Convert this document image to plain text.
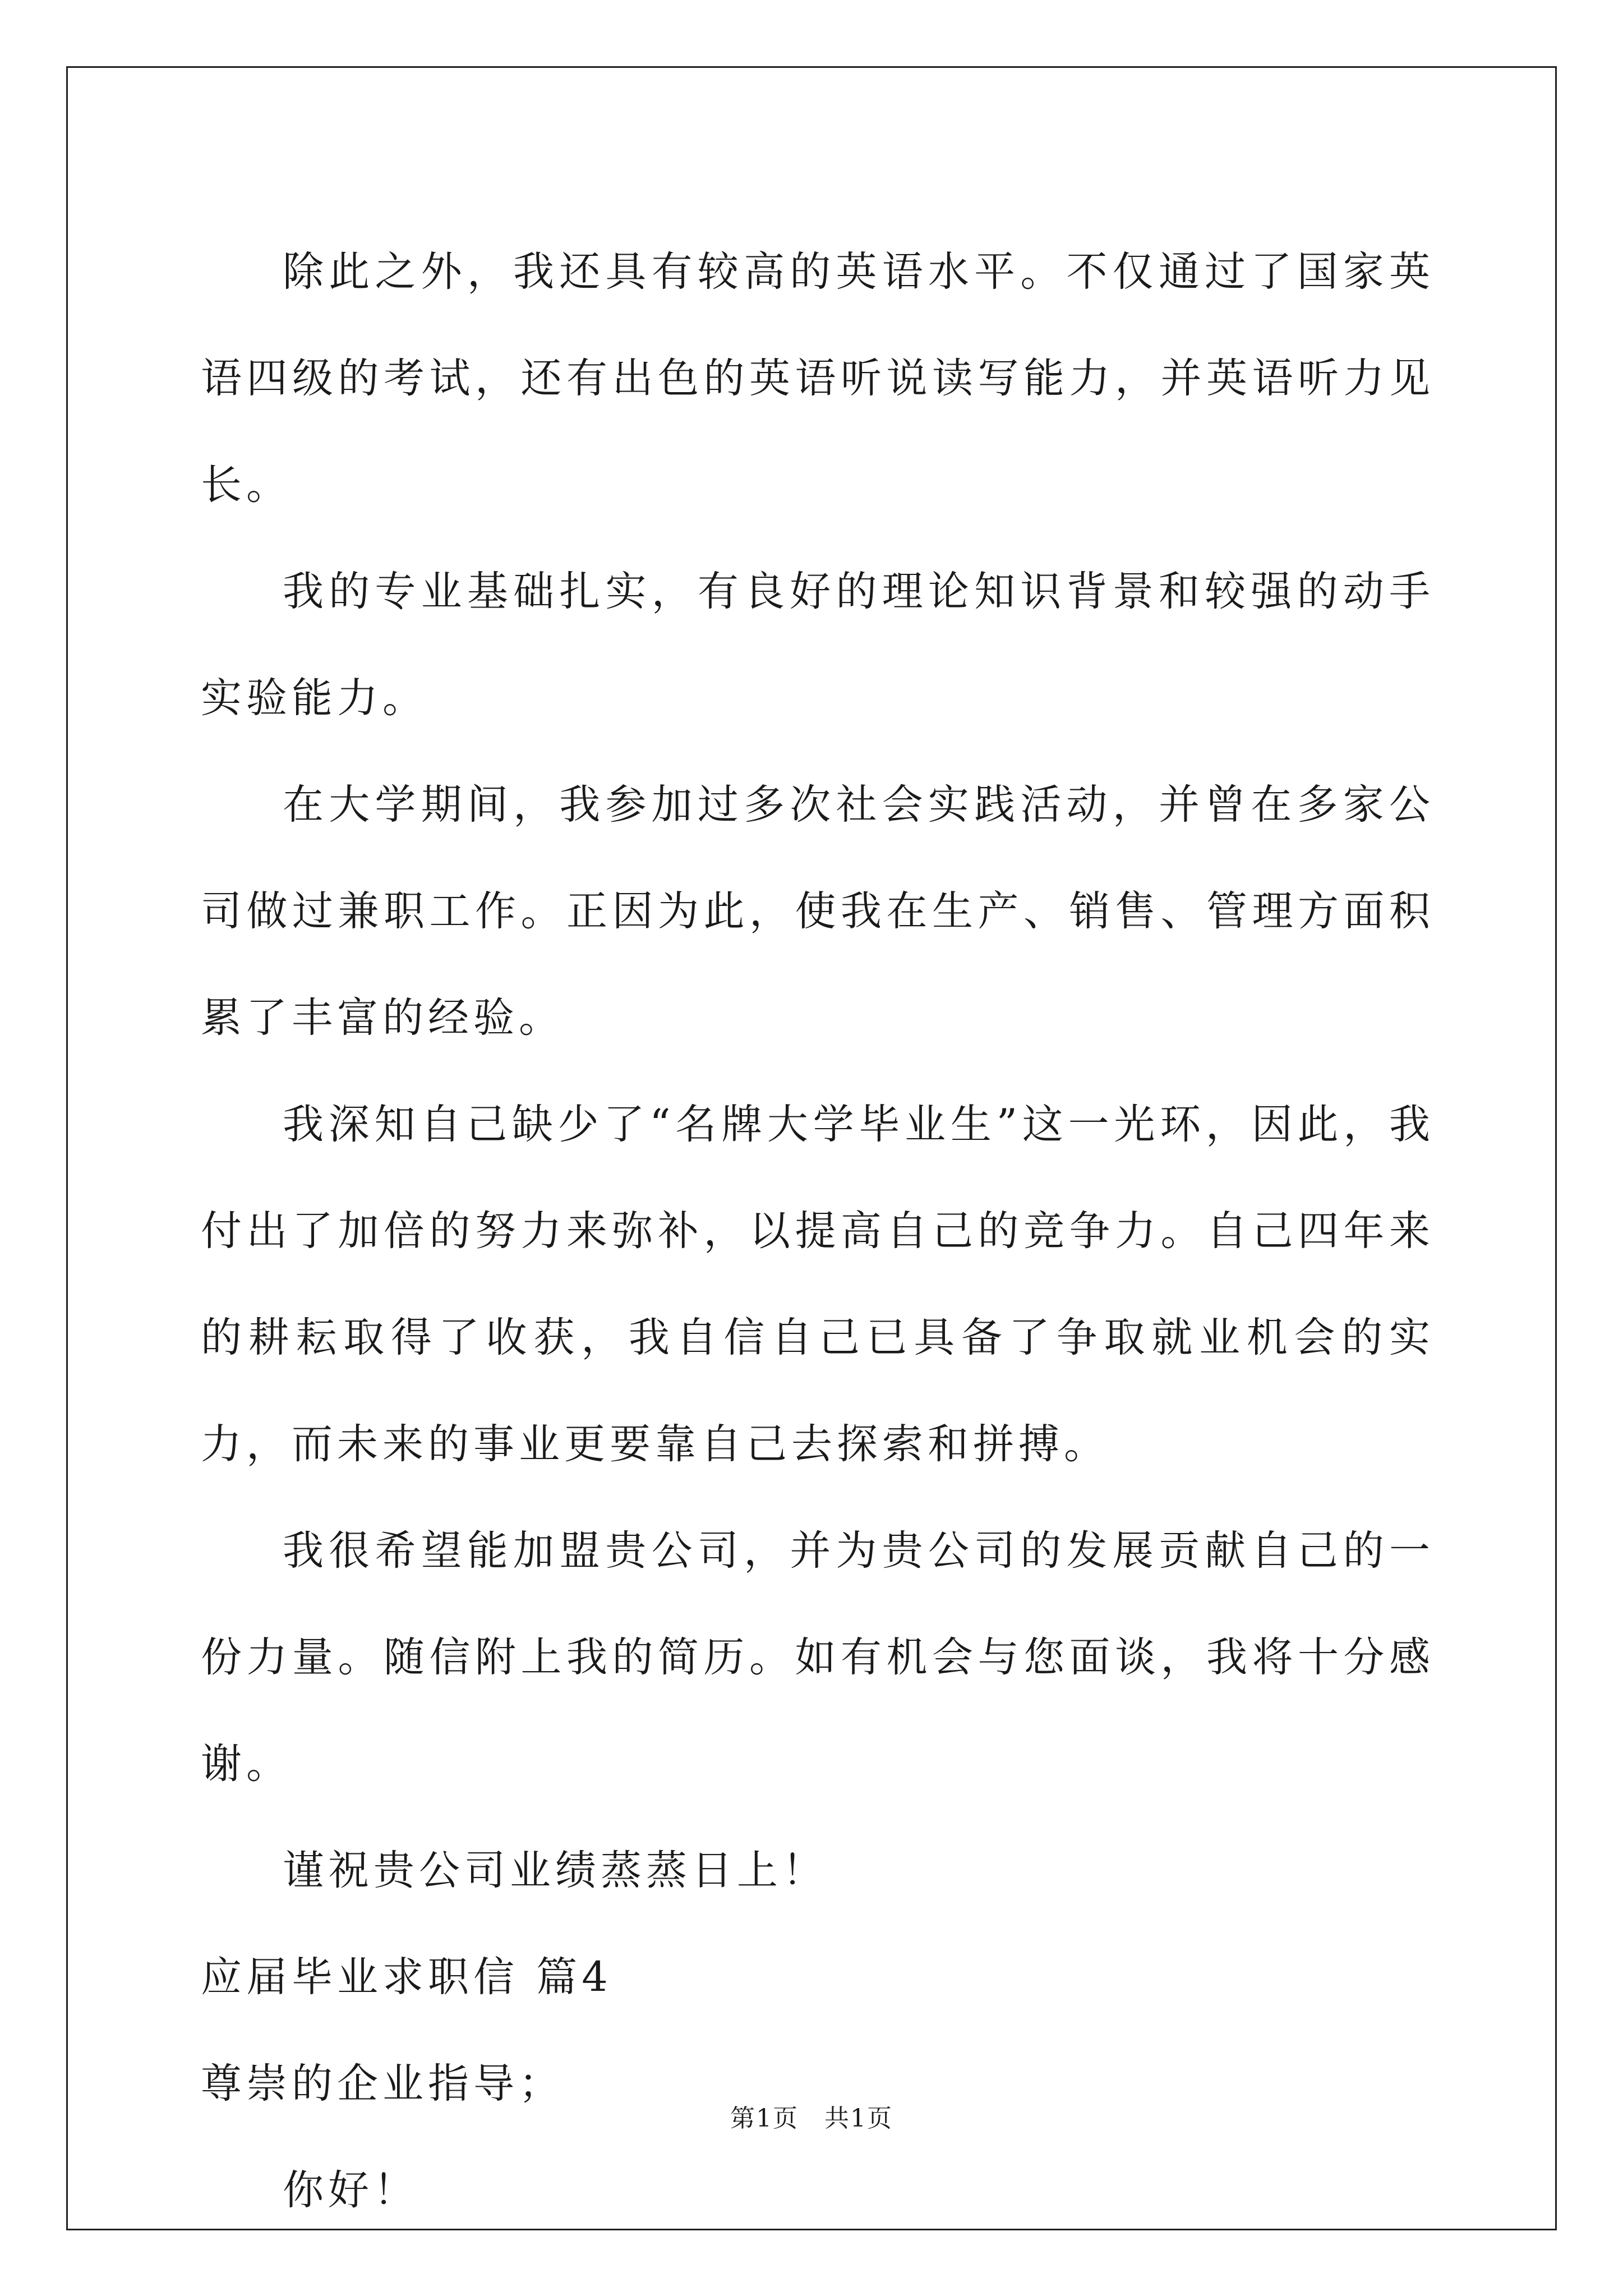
除此之外，我还具有较高的英语水平。不仅通过了国家英语四级的考试，还有出色的英语听说读写能力，并英语听力见长。

我的专业基础扎实，有良好的理论知识背景和较强的动手实验能力。

在大学期间，我参加过多次社会实践活动，并曾在多家公司做过兼职工作。正因为此，使我在生产、销售、管理方面积累了丰富的经验。

我深知自己缺少了“名牌大学毕业生”这一光环，因此，我付出了加倍的努力来弥补，以提高自己的竞争力。自己四年来的耕耘取得了收获，我自信自己已具备了争取就业机会的实力，而未来的事业更要靠自己去探索和拼搏。

我很希望能加盟贵公司，并为贵公司的发展贡献自己的一份力量。随信附上我的简历。如有机会与您面谈，我将十分感谢。

谨祝贵公司业绩蒸蒸日上！

应届毕业求职信 篇4

尊崇的企业指导；

你好！

第1页　共1页
